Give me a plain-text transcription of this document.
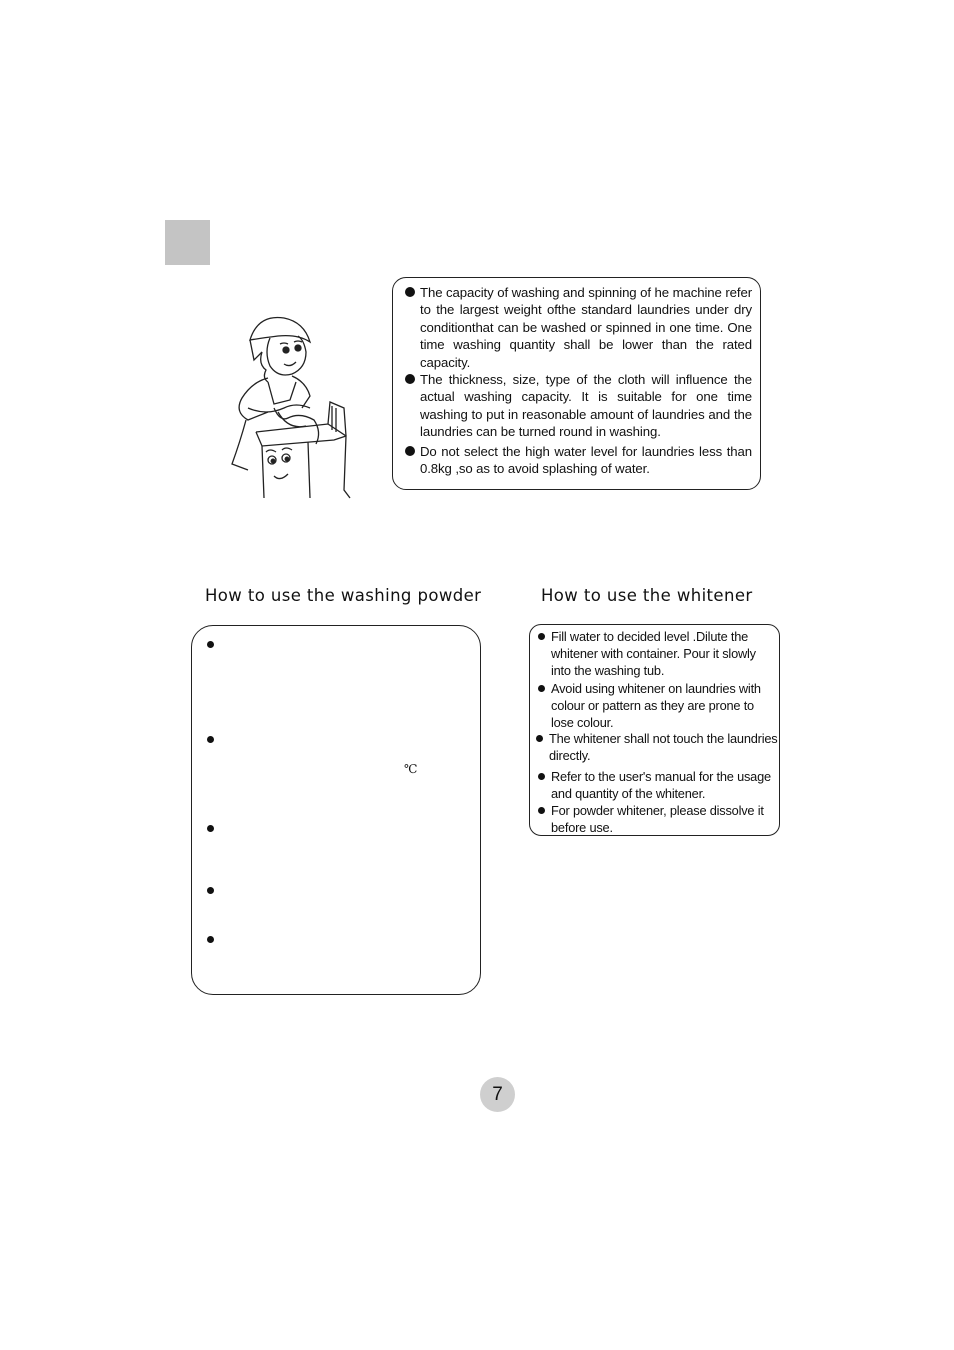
The capacity of washing and spinning of he machine refer to the largest weight ofthe standard laundries under dry conditionthat can be washed or spinned in one time. One time washing quantity shall be lower than the rated capacity.
The thickness, size, type of the cloth will influence the actual washing capacity. It is suitable for one time washing to put in reasonable amount of laundries and the laundries can be turned round in washing.
Do not select the high water level for laundries less than 0.8kg ,so as to avoid splashing of water.
How to use the washing powder	How to use the whitener
℃
Fill water to decided level .Dilute the whitener with container. Pour it slowly into the washing tub.
Avoid using whitener on laundries with colour or pattern as they are prone to lose colour.
The whitener shall not touch the laundries directly.
Refer to the user's manual for the usage and quantity of the whitener.
For powder whitener, please dissolve it before use.
7
